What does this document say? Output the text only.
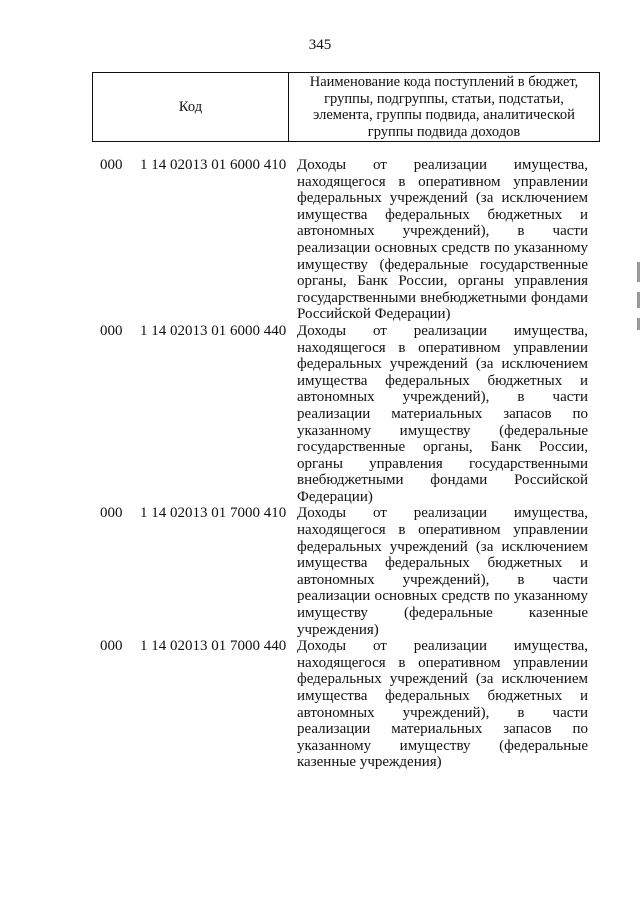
345
Код	Наименование кода поступлений в бюджет, группы, подгруппы, статьи, подстатьи, элемента, группы подвида, аналитической группы подвида доходов
000	1 14 02013 01 6000 410 Доходы от реализации имущества, находящегося в оперативном управлении федеральных учреждений (за исключением имущества федеральных бюджетных и автономных учреждений), в части реализации основных средств по указанному имуществу (федеральные государственные органы, Банк России, органы управления государственными внебюджетными фондами Российской Федерации)
000	1 14 02013 01 6000 440 Доходы от реализации имущества, находящегося в оперативном управлении федеральных учреждений (за исключением имущества федеральных бюджетных и автономных учреждений), в части реализации материальных запасов по указанному имуществу (федеральные государственные органы, Банк России, органы управления государственными внебюджетными фондами Российской Федерации)
000	1 14 02013 01 7000 410 Доходы от реализации имущества, находящегося в оперативном управлении федеральных учреждений (за исключением имущества федеральных бюджетных и автономных учреждений), в части реализации основных средств по указанному имуществу (федеральные казенные учреждения)
000	1 14 02013 01 7000 440 Доходы от реализации имущества, находящегося в оперативном управлении федеральных учреждений (за исключением имущества федеральных бюджетных и автономных учреждений), в части реализации материальных запасов по указанному имуществу (федеральные казенные учреждения)
